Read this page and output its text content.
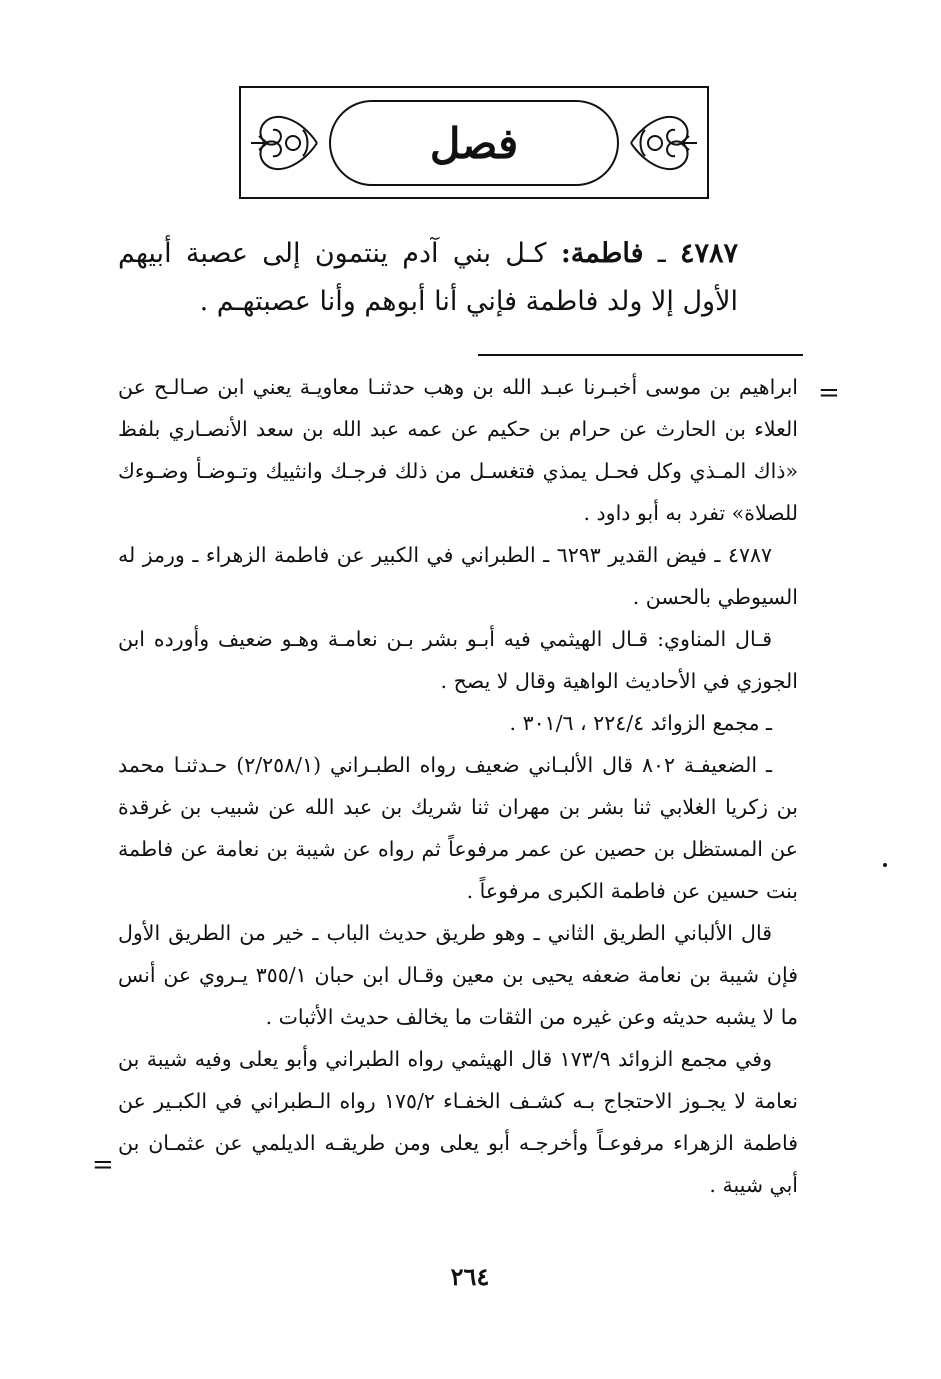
فصل
٤٧٨٧ ـ فاطمة: كـل بني آدم ينتمون إلى عصبة أبيهم الأول إلا ولد فاطمة فإني أنا أبوهم وأنا عصبتهـم .
=

ابراهيم بن موسى أخبـرنا عبـد الله بن وهب حدثنـا معاويـة يعني ابن صـالـح عن العلاء بن الحارث عن حرام بن حكيم عن عمه عبد الله بن سعد الأنصـاري بلفظ «ذاك المـذي وكل فحـل يمذي فتغسـل من ذلك فرجـك وانثييك وتـوضـأ وضـوءك للصلاة» تفرد به أبو داود .

٤٧٨٧ ـ فيض القدير ٦٢٩٣ ـ الطبراني في الكبير عن فاطمة الزهراء ـ ورمز له السيوطي بالحسن .

قـال المناوي: قـال الهيثمي فيه أبـو بشر بـن نعامـة وهـو ضعيف وأورده ابن الجوزي في الأحاديث الواهية وقال لا يصح .

ـ مجمع الزوائد ٢٢٤/٤ ، ٣٠١/٦ .

ـ الضعيفـة ٨٠٢ قال الألبـاني ضعيف رواه الطبـراني (٢/٢٥٨/١) حـدثنـا محمد بن زكريا الغلابي ثنا بشر بن مهران ثنا شريك بن عبد الله عن شبيب بن غرقدة عن المستظل بن حصين عن عمر مرفوعاً ثم رواه عن شيبة بن نعامة عن فاطمة بنت حسين عن فاطمة الكبرى مرفوعاً .

قال الألباني الطريق الثاني ـ وهو طريق حديث الباب ـ خير من الطريق الأول فإن شيبة بن نعامة ضعفه يحيى بن معين وقـال ابن حبان ٣٥٥/١ يـروي عن أنس ما لا يشبه حديثه وعن غيره من الثقات ما يخالف حديث الأثبات .

وفي مجمع الزوائد ١٧٣/٩ قال الهيثمي رواه الطبراني وأبو يعلى وفيه شيبة بن نعامة لا يجـوز الاحتجاج بـه كشـف الخفـاء ١٧٥/٢ رواه الـطبراني في الكبـير عن فاطمة الزهراء مرفوعـاً وأخرجـه أبو يعلى ومن طريقـه الديلمي عن عثمـان بن أبي شيبة .

=
٢٦٤
